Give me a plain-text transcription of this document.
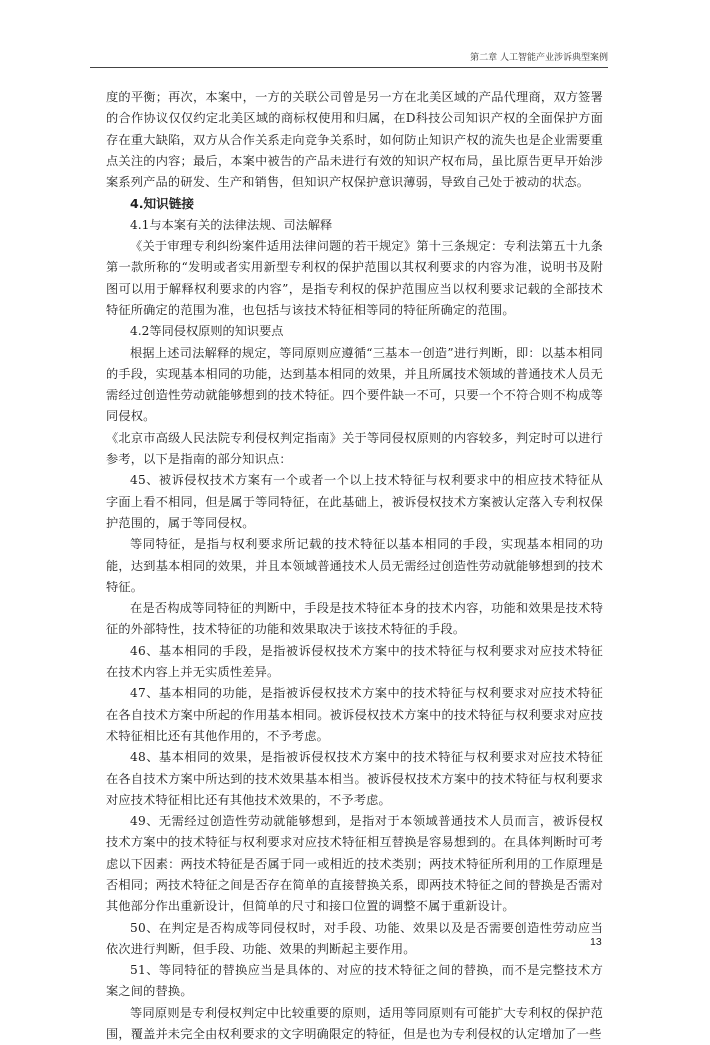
第二章 人工智能产业涉诉典型案例

度的平衡；再次，本案中，一方的关联公司曾是另一方在北美区域的产品代理商，双方签署的合作协议仅仅约定北美区域的商标权使用和归属，在D科技公司知识产权的全面保护方面存在重大缺陷，双方从合作关系走向竞争关系时，如何防止知识产权的流失也是企业需要重点关注的内容；最后，本案中被告的产品未进行有效的知识产权布局，虽比原告更早开始涉案系列产品的研发、生产和销售，但知识产权保护意识薄弱，导致自己处于被动的状态。

4.知识链接

4.1与本案有关的法律法规、司法解释

《关于审理专利纠纷案件适用法律问题的若干规定》第十三条规定：专利法第五十九条第一款所称的“发明或者实用新型专利权的保护范围以其权利要求的内容为准，说明书及附图可以用于解释权利要求的内容”，是指专利权的保护范围应当以权利要求记载的全部技术特征所确定的范围为准，也包括与该技术特征相等同的特征所确定的范围。

4.2等同侵权原则的知识要点

根据上述司法解释的规定，等同原则应遵循“三基本一创造”进行判断，即：以基本相同的手段，实现基本相同的功能，达到基本相同的效果，并且所属技术领域的普通技术人员无需经过创造性劳动就能够想到的技术特征。四个要件缺一不可，只要一个不符合则不构成等同侵权。

《北京市高级人民法院专利侵权判定指南》关于等同侵权原则的内容较多，判定时可以进行参考，以下是指南的部分知识点：

45、被诉侵权技术方案有一个或者一个以上技术特征与权利要求中的相应技术特征从字面上看不相同，但是属于等同特征，在此基础上，被诉侵权技术方案被认定落入专利权保护范围的，属于等同侵权。

等同特征，是指与权利要求所记载的技术特征以基本相同的手段，实现基本相同的功能，达到基本相同的效果，并且本领域普通技术人员无需经过创造性劳动就能够想到的技术特征。

在是否构成等同特征的判断中，手段是技术特征本身的技术内容，功能和效果是技术特征的外部特性，技术特征的功能和效果取决于该技术特征的手段。

46、基本相同的手段，是指被诉侵权技术方案中的技术特征与权利要求对应技术特征在技术内容上并无实质性差异。

47、基本相同的功能，是指被诉侵权技术方案中的技术特征与权利要求对应技术特征在各自技术方案中所起的作用基本相同。被诉侵权技术方案中的技术特征与权利要求对应技术特征相比还有其他作用的，不予考虑。

48、基本相同的效果，是指被诉侵权技术方案中的技术特征与权利要求对应技术特征在各自技术方案中所达到的技术效果基本相当。被诉侵权技术方案中的技术特征与权利要求对应技术特征相比还有其他技术效果的，不予考虑。

49、无需经过创造性劳动就能够想到，是指对于本领域普通技术人员而言，被诉侵权技术方案中的技术特征与权利要求对应技术特征相互替换是容易想到的。在具体判断时可考虑以下因素：两技术特征是否属于同一或相近的技术类别；两技术特征所利用的工作原理是否相同；两技术特征之间是否存在简单的直接替换关系，即两技术特征之间的替换是否需对其他部分作出重新设计，但简单的尺寸和接口位置的调整不属于重新设计。

50、在判定是否构成等同侵权时，对手段、功能、效果以及是否需要创造性劳动应当依次进行判断，但手段、功能、效果的判断起主要作用。

51、等同特征的替换应当是具体的、对应的技术特征之间的替换，而不是完整技术方案之间的替换。

等同原则是专利侵权判定中比较重要的原则，适用等同原则有可能扩大专利权的保护范围，覆盖并未完全由权利要求的文字明确限定的特征，但是也为专利侵权的认定增加了一些

13
